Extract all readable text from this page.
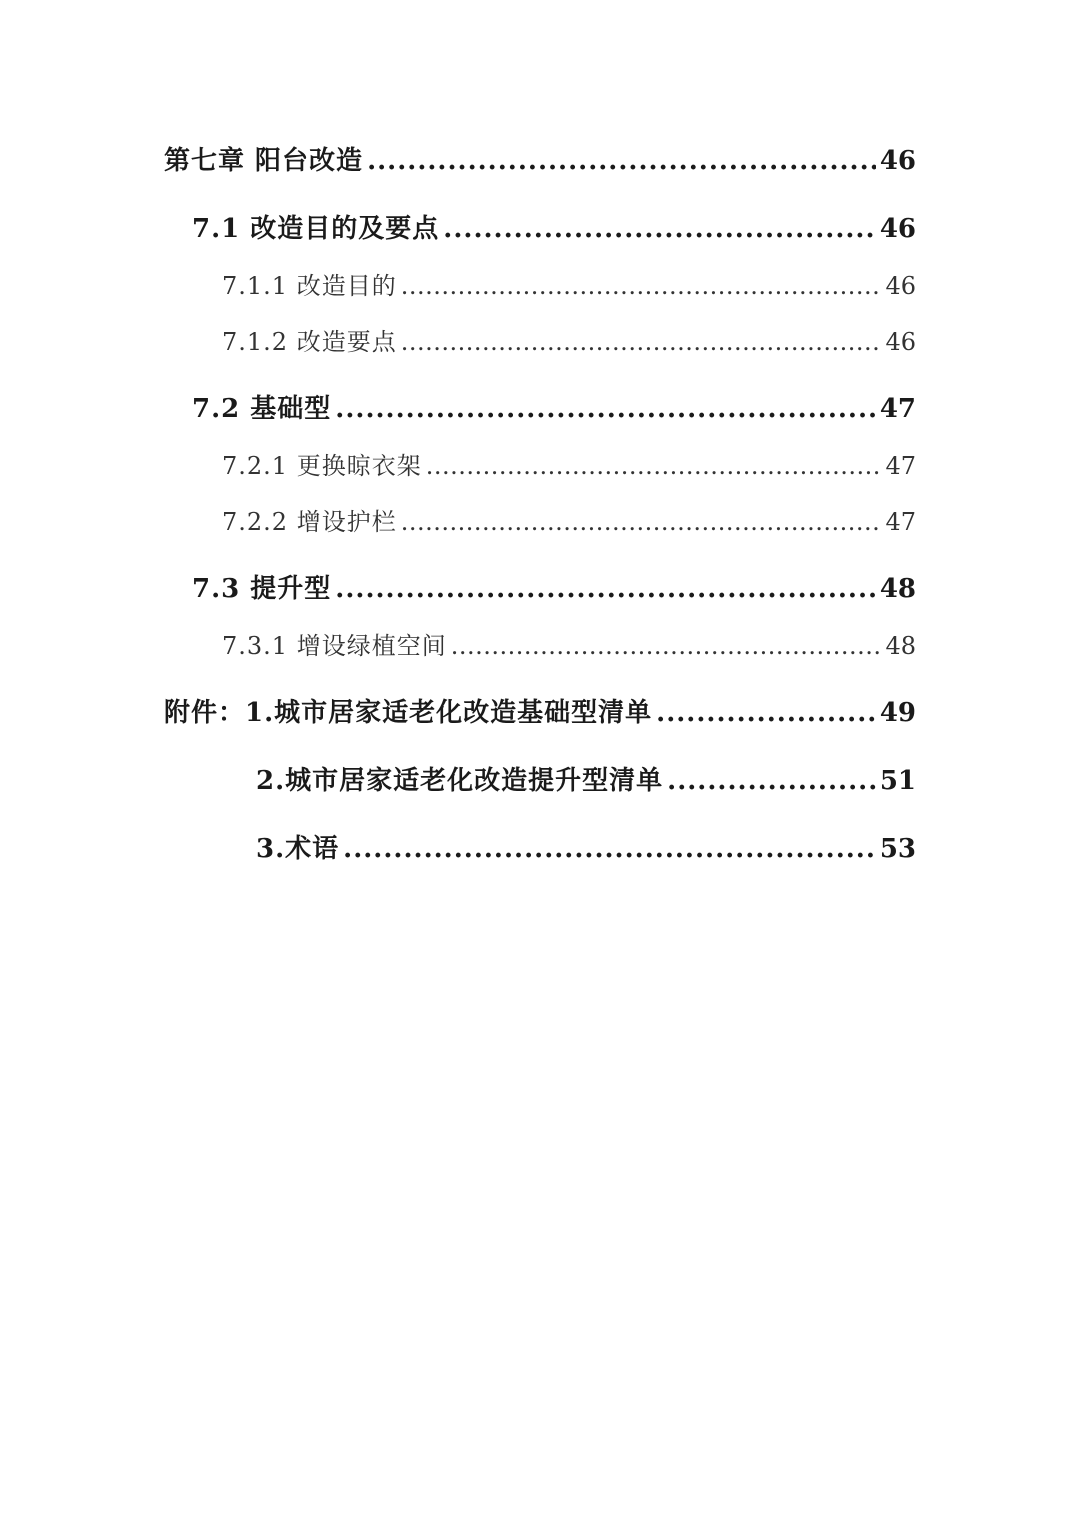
第七章 阳台改造 .....	46
7.1 改造目的及要点 .....	46
7.1.1 改造目的 .....	46
7.1.2 改造要点 .....	46
7.2 基础型 .....	47
7.2.1 更换晾衣架 .....	47
7.2.2 增设护栏 .....	47
7.3 提升型 .....	48
7.3.1 增设绿植空间 .....	48
附件：1.城市居家适老化改造基础型清单 .....	49
2.城市居家适老化改造提升型清单 .....	51
3.术语 .....	53
